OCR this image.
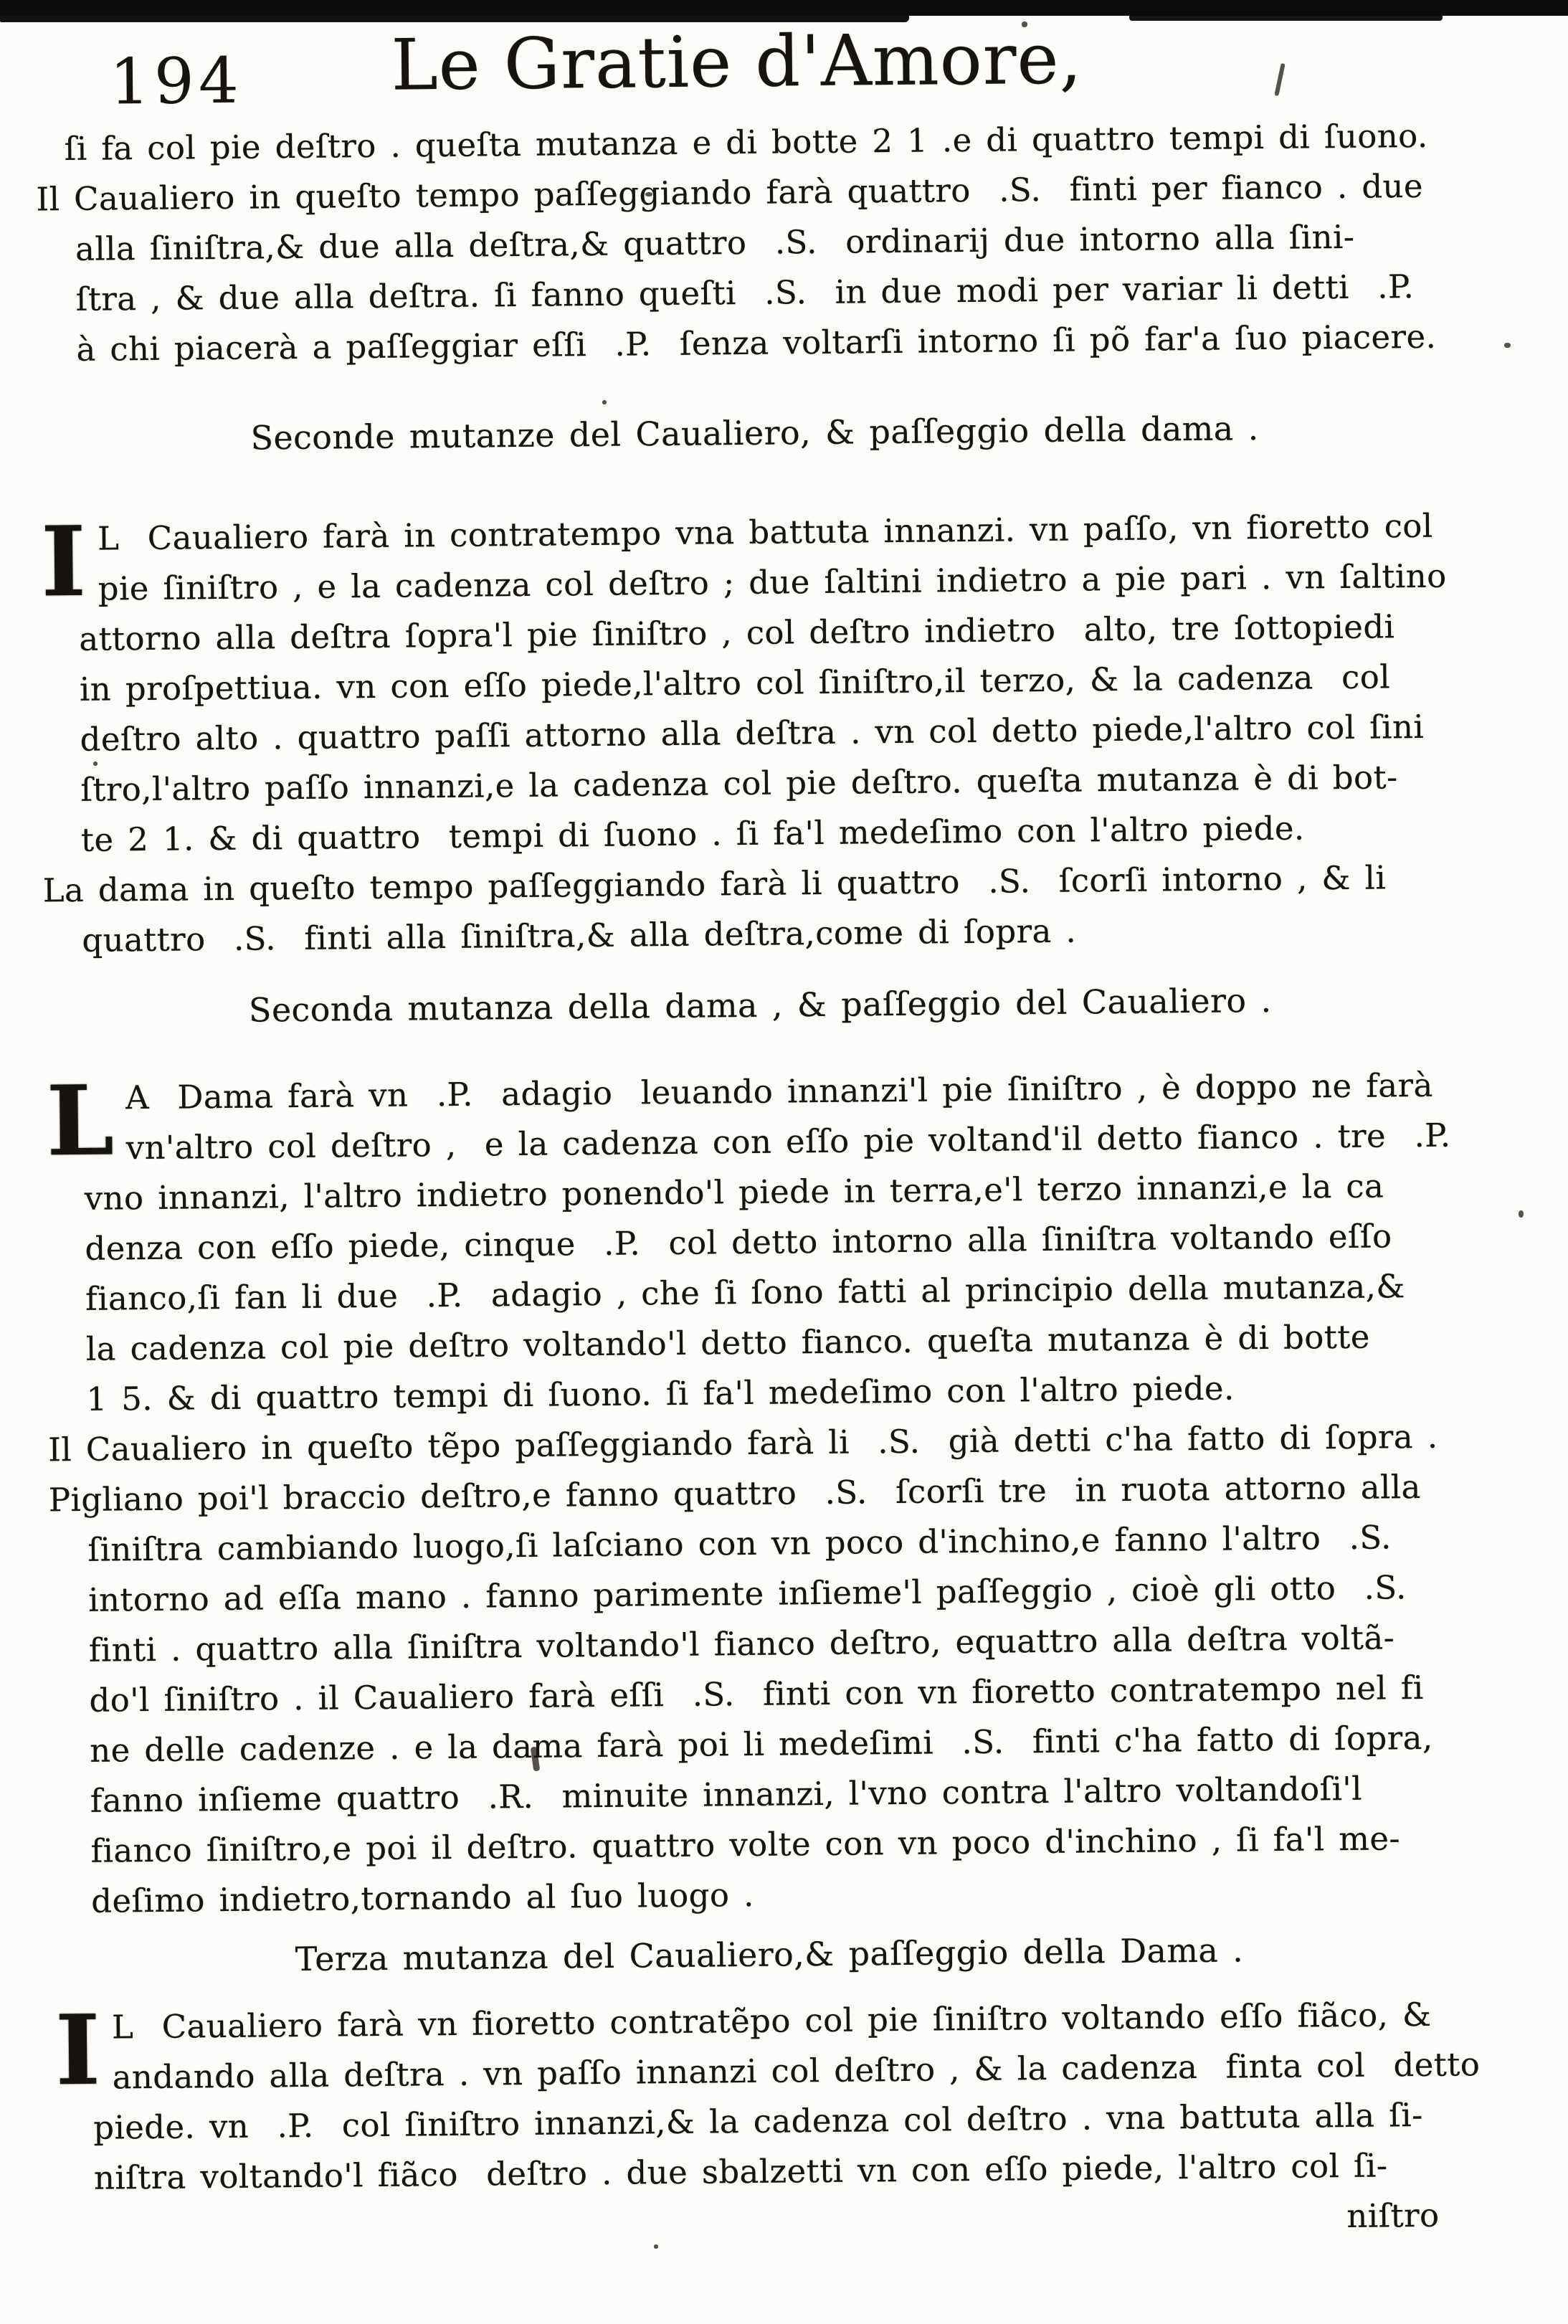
194	Le Gratie d'Amore,
ſi fa col pie deſtro . queſta mutanza e di botte 2 1 .e di quattro tempi di ſuono.
Il Caualiero in queſto tempo paſſeggiando farà quattro  .S.  finti per fianco . due
alla ſiniſtra,& due alla deſtra,& quattro  .S.  ordinarij due intorno alla ſini-
ſtra , & due alla deſtra. ſi fanno queſti  .S.  in due modi per variar li detti  .P.
à chi piacerà a paſſeggiar eſſi  .P.  ſenza voltarſi intorno ſi põ far'a ſuo piacere.
Seconde mutanze del Caualiero, & paſſeggio della dama .
I L  Caualiero farà in contratempo vna battuta innanzi. vn paſſo, vn fioretto col
pie ſiniſtro , e la cadenza col deſtro ; due ſaltini indietro a pie pari . vn ſaltino
attorno alla deſtra ſopra'l pie ſiniſtro , col deſtro indietro  alto, tre ſottopiedi
in proſpettiua. vn con eſſo piede,l'altro col ſiniſtro,il terzo, & la cadenza  col
deſtro alto . quattro paſſi attorno alla deſtra . vn col detto piede,l'altro col ſini
ſtro,l'altro paſſo innanzi,e la cadenza col pie deſtro. queſta mutanza è di bot-
te 2 1. & di quattro  tempi di ſuono . ſi fa'l medeſimo con l'altro piede.
La dama in queſto tempo paſſeggiando farà li quattro  .S.  ſcorſi intorno , & li
quattro  .S.  finti alla ſiniſtra,& alla deſtra,come di ſopra .
Seconda mutanza della dama , & paſſeggio del Caualiero .
L A  Dama farà vn  .P.  adagio  leuando innanzi'l pie ſiniſtro , è doppo ne farà
vn'altro col deſtro ,  e la cadenza con eſſo pie voltand'il detto fianco . tre  .P.
vno innanzi, l'altro indietro ponendo'l piede in terra,e'l terzo innanzi,e la ca
denza con eſſo piede, cinque  .P.  col detto intorno alla ſiniſtra voltando eſſo
fianco,ſi fan li due  .P.  adagio , che ſi ſono fatti al principio della mutanza,&
la cadenza col pie deſtro voltando'l detto fianco. queſta mutanza è di botte
1 5. & di quattro tempi di ſuono. ſi fa'l medeſimo con l'altro piede.
Il Caualiero in queſto tẽpo paſſeggiando farà li  .S.  già detti c'ha fatto di ſopra .
Pigliano poi'l braccio deſtro,e fanno quattro  .S.  ſcorſi tre  in ruota attorno alla
ſiniſtra cambiando luogo,ſi laſciano con vn poco d'inchino,e fanno l'altro  .S.
intorno ad eſſa mano . fanno parimente inſieme'l paſſeggio , cioè gli otto  .S.
finti . quattro alla ſiniſtra voltando'l fianco deſtro, equattro alla deſtra voltã-
do'l ſiniſtro . il Caualiero farà eſſi  .S.  finti con vn fioretto contratempo nel fi
ne delle cadenze . e la dama farà poi li medeſimi  .S.  finti c'ha fatto di ſopra,
fanno inſieme quattro  .R.  minuite innanzi, l'vno contra l'altro voltandoſi'l
fianco ſiniſtro,e poi il deſtro. quattro volte con vn poco d'inchino , ſi fa'l me-
deſimo indietro,tornando al ſuo luogo .
Terza mutanza del Caualiero,& paſſeggio della Dama .
I L  Caualiero farà vn fioretto contratẽpo col pie ſiniſtro voltando eſſo fiãco, &
andando alla deſtra . vn paſſo innanzi col deſtro , & la cadenza  finta col  detto
piede. vn  .P.  col ſiniſtro innanzi,& la cadenza col deſtro . vna battuta alla ſi-
niſtra voltando'l fiãco  deſtro . due sbalzetti vn con eſſo piede, l'altro col ſi-
niſtro
